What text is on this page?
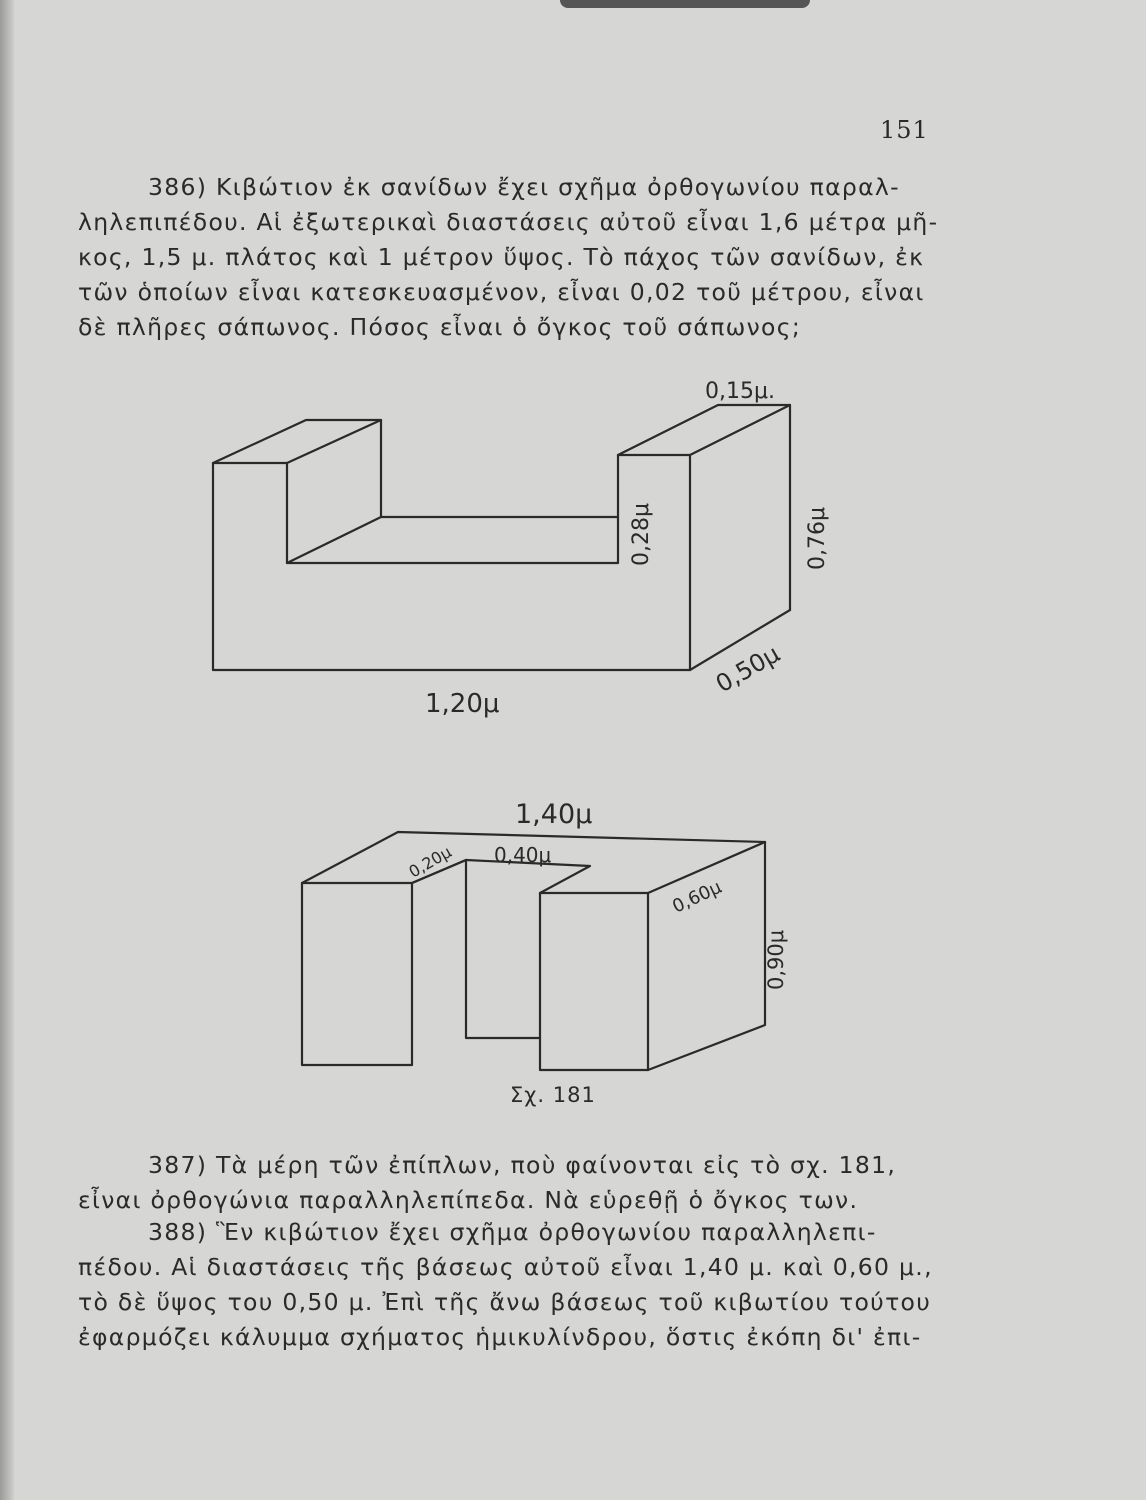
151
386) Κιβώτιον ἐκ σανίδων ἔχει σχῆμα ὀρθογωνίου παραλ-
ληλεπιπέδου. Αἱ ἐξωτερικαὶ διαστάσεις αὐτοῦ εἶναι 1,6 μέτρα μῆ-
κος, 1,5 μ. πλάτος καὶ 1 μέτρον ὕψος. Τὸ πάχος τῶν σανίδων, ἐκ
τῶν ὁποίων εἶναι κατεσκευασμένον, εἶναι 0,02 τοῦ μέτρου, εἶναι
δὲ πλῆρες σάπωνος. Πόσος εἶναι ὁ ὄγκος τοῦ σάπωνος;
0,15μ.
0,28μ	0,76μ
0,50μ
1,20μ
1,40μ
0,20μ 0,40μ
0,60μ
0,90μ
Σχ. 181
387) Τὰ μέρη τῶν ἐπίπλων, ποὺ φαίνονται εἰς τὸ σχ. 181,
εἶναι ὀρθογώνια παραλληλεπίπεδα. Νὰ εὑρεθῇ ὁ ὄγκος των.
388) Ἓν κιβώτιον ἔχει σχῆμα ὀρθογωνίου παραλληλεπι-
πέδου. Αἱ διαστάσεις τῆς βάσεως αὐτοῦ εἶναι 1,40 μ. καὶ 0,60 μ.,
τὸ δὲ ὕψος του 0,50 μ. Ἐπὶ τῆς ἄνω βάσεως τοῦ κιβωτίου τούτου
ἐφαρμόζει κάλυμμα σχήματος ἡμικυλίνδρου, ὅστις ἐκόπη δι' ἐπι-
